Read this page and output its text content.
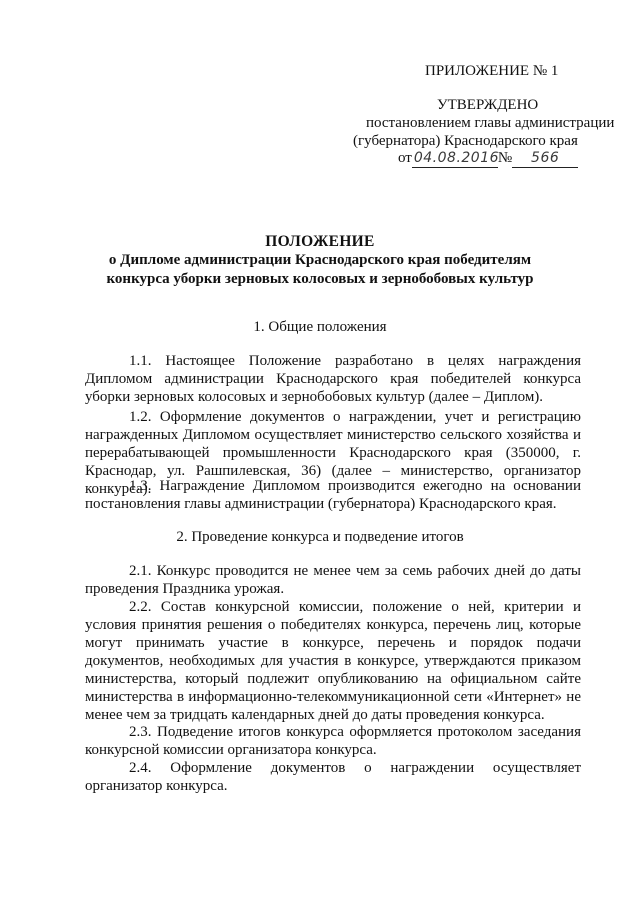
ПРИЛОЖЕНИЕ № 1
УТВЕРЖДЕНО
постановлением главы администрации
(губернатора) Краснодарского края
от 04.08.2016№ 566
ПОЛОЖЕНИЕ
о Дипломе администрации Краснодарского края победителям
конкурса уборки зерновых колосовых и зернобобовых культур
1. Общие положения

1.1. Настоящее Положение разработано в целях награждения Дипломом администрации Краснодарского края победителей конкурса уборки зерновых колосовых и зернобобовых культур (далее – Диплом).

1.2. Оформление документов о награждении, учет и регистрацию награжденных Дипломом осуществляет министерство сельского хозяйства и перерабатывающей промышленности Краснодарского края (350000, г. Краснодар, ул. Рашпилевская, 36) (далее – министерство, организатор конкурса).

1.3. Награждение Дипломом производится ежегодно на основании постановления главы администрации (губернатора) Краснодарского края.

2. Проведение конкурса и подведение итогов

2.1. Конкурс проводится не менее чем за семь рабочих дней до даты проведения Праздника урожая.

2.2. Состав конкурсной комиссии, положение о ней, критерии и условия принятия решения о победителях конкурса, перечень лиц, которые могут принимать участие в конкурсе, перечень и порядок подачи документов, необходимых для участия в конкурсе, утверждаются приказом министерства, который подлежит опубликованию на официальном сайте министерства в информационно-телекоммуникационной сети «Интернет» не менее чем за тридцать календарных дней до даты проведения конкурса.

2.3. Подведение итогов конкурса оформляется протоколом заседания конкурсной комиссии организатора конкурса.

2.4. Оформление документов о награждении осуществляет организатор конкурса.
